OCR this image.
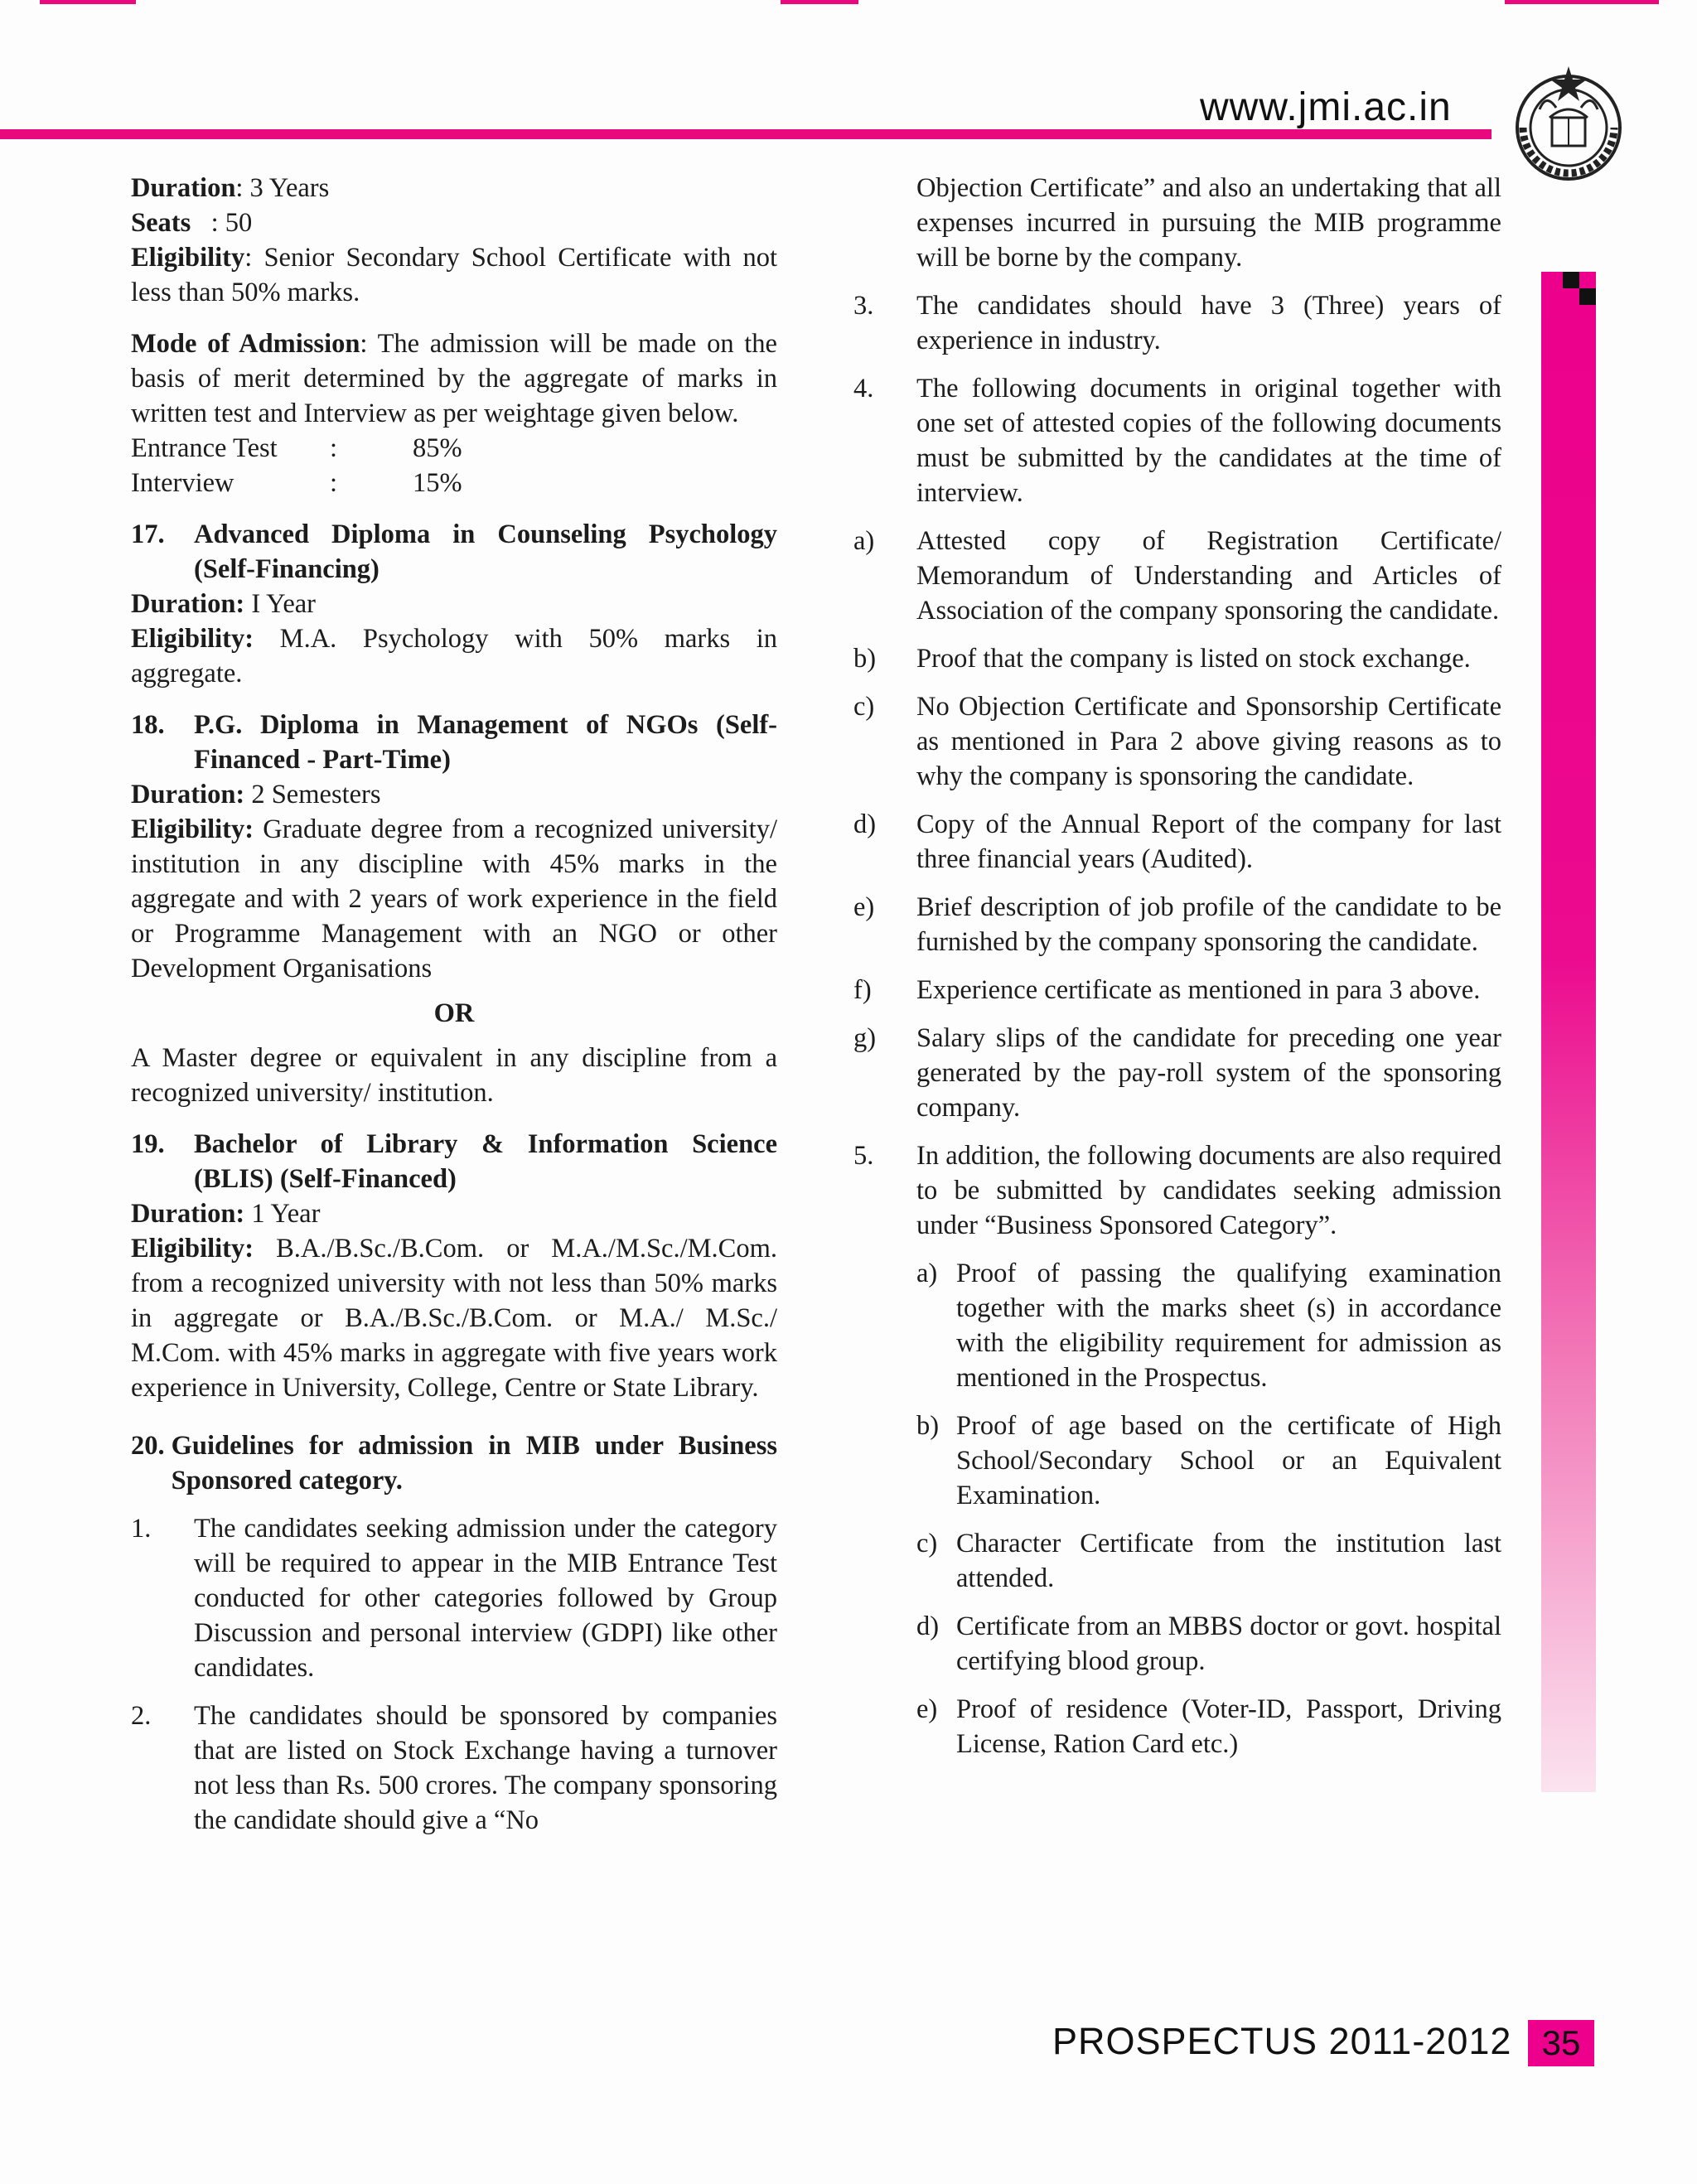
www.jmi.ac.in

Duration: 3 Years

Seats   : 50

Eligibility: Senior Secondary School Certificate with not less than 50% marks.

Mode of Admission: The admission will be made on the basis of merit determined by the aggregate of marks in written test and Interview as per weightage given below.

Entrance Test	:	85%
Interview	:	15%
17.	Advanced Diploma in Counseling Psychology (Self-Financing)

Duration: I Year

Eligibility: M.A. Psychology with 50% marks in aggregate.

18.	P.G. Diploma in Management of NGOs (Self-Financed - Part-Time)

Duration: 2 Semesters

Eligibility: Graduate degree from a recognized university/ institution in any discipline with 45% marks in the aggregate and with 2 years of work experience in the field or Programme Management with an NGO or other Development Organisations

OR

A Master degree or equivalent in any discipline from a recognized university/ institution.

19.	Bachelor of Library & Information Science (BLIS) (Self-Financed)

Duration: 1 Year

Eligibility: B.A./B.Sc./B.Com. or M.A./M.Sc./M.Com. from a recognized university with not less than 50% marks in aggregate or B.A./B.Sc./B.Com. or M.A./ M.Sc./ M.Com. with 45% marks in aggregate with five years work experience in University, College, Centre or State Library.

20. Guidelines for admission in MIB under Business Sponsored category.
1.	The candidates seeking admission under the category will be required to appear in the MIB Entrance Test conducted for other categories followed by Group Discussion and personal interview (GDPI) like other candidates.
2.	The candidates should be sponsored by companies that are listed on Stock Exchange having a turnover not less than Rs. 500 crores. The company sponsoring the candidate should give a “No

Objection Certificate” and also an undertaking that all expenses incurred in pursuing the MIB programme will be borne by the company.

3.	The candidates should have 3 (Three) years of experience in industry.
4.	The following documents in original together with one set of attested copies of the following documents must be submitted by the candidates at the time of interview.
a)	Attested copy of Registration Certificate/ Memorandum of Understanding and Articles of Association of the company sponsoring the candidate.
b)	Proof that the company is listed on stock exchange.
c)	No Objection Certificate and Sponsorship Certificate as mentioned in Para 2 above giving reasons as to why the company is sponsoring the candidate.
d)	Copy of the Annual Report of the company for last three financial years (Audited).
e)	Brief description of job profile of the candidate to be furnished by the company sponsoring the candidate.
f)	Experience certificate as mentioned in para 3 above.
g)	Salary slips of the candidate for preceding one year generated by the pay-roll system of the sponsoring company.
5.	In addition, the following documents are also required to be submitted by candidates seeking admission under “Business Sponsored Category”.
a) Proof of passing the qualifying examination together with the marks sheet (s) in accordance with the eligibility requirement for admission as mentioned in the Prospectus.
b) Proof of age based on the certificate of High School/Secondary School or an Equivalent Examination.
c) Character Certificate from the institution last attended.
d) Certificate from an MBBS doctor or govt. hospital certifying blood group.
e) Proof of residence (Voter-ID, Passport, Driving License, Ration Card etc.)
PROSPECTUS 2011-2012 35
